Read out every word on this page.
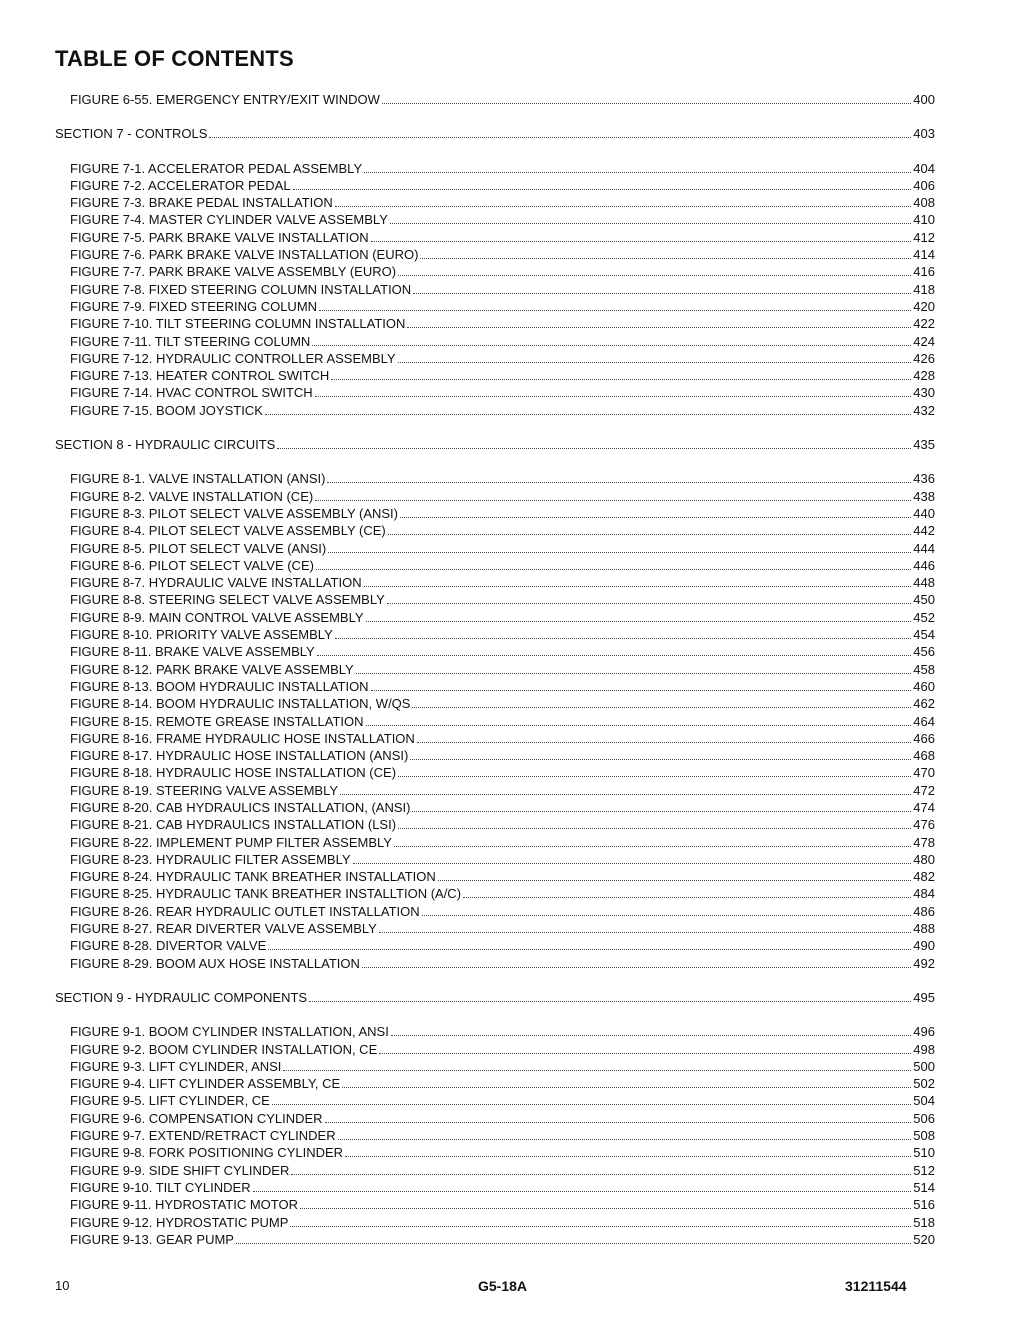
TABLE OF CONTENTS
FIGURE 6-55. EMERGENCY ENTRY/EXIT WINDOW	400
SECTION 7 - CONTROLS	403
FIGURE 7-1. ACCELERATOR PEDAL ASSEMBLY	404
FIGURE 7-2. ACCELERATOR PEDAL	406
FIGURE 7-3. BRAKE PEDAL INSTALLATION	408
FIGURE 7-4. MASTER CYLINDER VALVE ASSEMBLY	410
FIGURE 7-5. PARK BRAKE VALVE INSTALLATION	412
FIGURE 7-6. PARK BRAKE VALVE INSTALLATION (EURO)	414
FIGURE 7-7. PARK BRAKE VALVE ASSEMBLY (EURO)	416
FIGURE 7-8. FIXED STEERING COLUMN INSTALLATION	418
FIGURE 7-9. FIXED STEERING COLUMN	420
FIGURE 7-10. TILT STEERING COLUMN INSTALLATION	422
FIGURE 7-11. TILT STEERING COLUMN	424
FIGURE 7-12. HYDRAULIC CONTROLLER ASSEMBLY	426
FIGURE 7-13. HEATER CONTROL SWITCH	428
FIGURE 7-14. HVAC CONTROL SWITCH	430
FIGURE 7-15. BOOM JOYSTICK	432
SECTION 8 - HYDRAULIC CIRCUITS	435
FIGURE 8-1. VALVE INSTALLATION (ANSI)	436
FIGURE 8-2. VALVE INSTALLATION (CE)	438
FIGURE 8-3. PILOT SELECT VALVE ASSEMBLY (ANSI)	440
FIGURE 8-4. PILOT SELECT VALVE ASSEMBLY (CE)	442
FIGURE 8-5. PILOT SELECT VALVE (ANSI)	444
FIGURE 8-6. PILOT SELECT VALVE (CE)	446
FIGURE 8-7. HYDRAULIC VALVE INSTALLATION	448
FIGURE 8-8. STEERING SELECT VALVE ASSEMBLY	450
FIGURE 8-9. MAIN CONTROL VALVE ASSEMBLY	452
FIGURE 8-10. PRIORITY VALVE ASSEMBLY	454
FIGURE 8-11. BRAKE VALVE ASSEMBLY	456
FIGURE 8-12. PARK BRAKE VALVE ASSEMBLY	458
FIGURE 8-13. BOOM HYDRAULIC INSTALLATION	460
FIGURE 8-14. BOOM HYDRAULIC INSTALLATION, W/QS	462
FIGURE 8-15. REMOTE GREASE INSTALLATION	464
FIGURE 8-16. FRAME HYDRAULIC HOSE INSTALLATION	466
FIGURE 8-17. HYDRAULIC HOSE INSTALLATION (ANSI)	468
FIGURE 8-18. HYDRAULIC HOSE INSTALLATION (CE)	470
FIGURE 8-19. STEERING VALVE ASSEMBLY	472
FIGURE 8-20. CAB HYDRAULICS INSTALLATION, (ANSI)	474
FIGURE 8-21. CAB HYDRAULICS INSTALLATION (LSI)	476
FIGURE 8-22. IMPLEMENT PUMP FILTER ASSEMBLY	478
FIGURE 8-23. HYDRAULIC FILTER ASSEMBLY	480
FIGURE 8-24. HYDRAULIC TANK BREATHER INSTALLATION	482
FIGURE 8-25. HYDRAULIC TANK BREATHER INSTALLTION (A/C)	484
FIGURE 8-26. REAR HYDRAULIC OUTLET INSTALLATION	486
FIGURE 8-27. REAR DIVERTER VALVE ASSEMBLY	488
FIGURE 8-28. DIVERTOR VALVE	490
FIGURE 8-29. BOOM AUX HOSE INSTALLATION	492
SECTION 9 - HYDRAULIC COMPONENTS	495
FIGURE 9-1. BOOM CYLINDER INSTALLATION, ANSI	496
FIGURE 9-2. BOOM CYLINDER INSTALLATION, CE	498
FIGURE 9-3. LIFT CYLINDER, ANSI	500
FIGURE 9-4. LIFT CYLINDER ASSEMBLY, CE	502
FIGURE 9-5. LIFT CYLINDER, CE	504
FIGURE 9-6. COMPENSATION CYLINDER	506
FIGURE 9-7. EXTEND/RETRACT CYLINDER	508
FIGURE 9-8. FORK POSITIONING CYLINDER	510
FIGURE 9-9. SIDE SHIFT CYLINDER	512
FIGURE 9-10. TILT CYLINDER	514
FIGURE 9-11. HYDROSTATIC MOTOR	516
FIGURE 9-12. HYDROSTATIC PUMP	518
FIGURE 9-13. GEAR PUMP	520
10	G5-18A	31211544
